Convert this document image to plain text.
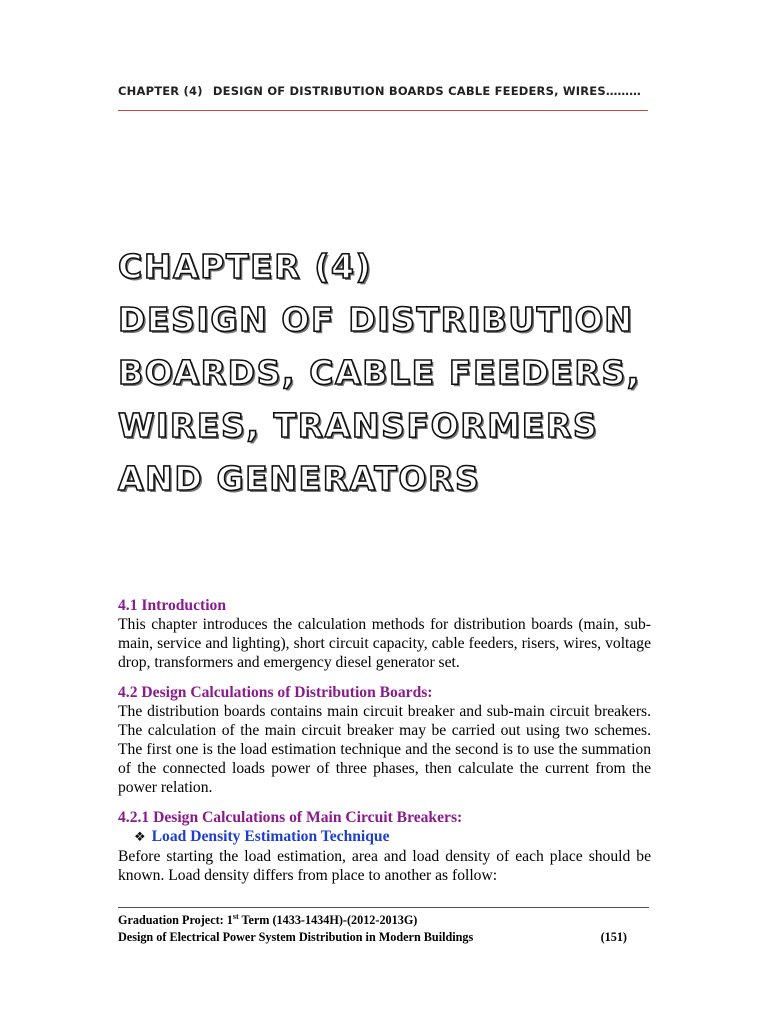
CHAPTER (4) DESIGN OF DISTRIBUTION BOARDS CABLE FEEDERS, WIRES………
CHAPTER (4)
DESIGN OF DISTRIBUTION
BOARDS, CABLE FEEDERS,
WIRES, TRANSFORMERS
AND GENERATORS

4.1 Introduction

This chapter introduces the calculation methods for distribution boards (main, sub-main, service and lighting), short circuit capacity, cable feeders, risers, wires, voltage drop, transformers and emergency diesel generator set.

4.2 Design Calculations of Distribution Boards:

The distribution boards contains main circuit breaker and sub-main circuit breakers. The calculation of the main circuit breaker may be carried out using two schemes. The first one is the load estimation technique and the second is to use the summation of the connected loads power of three phases, then calculate the current from the power relation.

4.2.1 Design Calculations of Main Circuit Breakers:

❖ Load Density Estimation Technique

Before starting the load estimation, area and load density of each place should be known. Load density differs from place to another as follow:

Graduation Project: 1st Term (1433-1434H)-(2012-2013G)
Design of Electrical Power System Distribution in Modern Buildings	(151)
